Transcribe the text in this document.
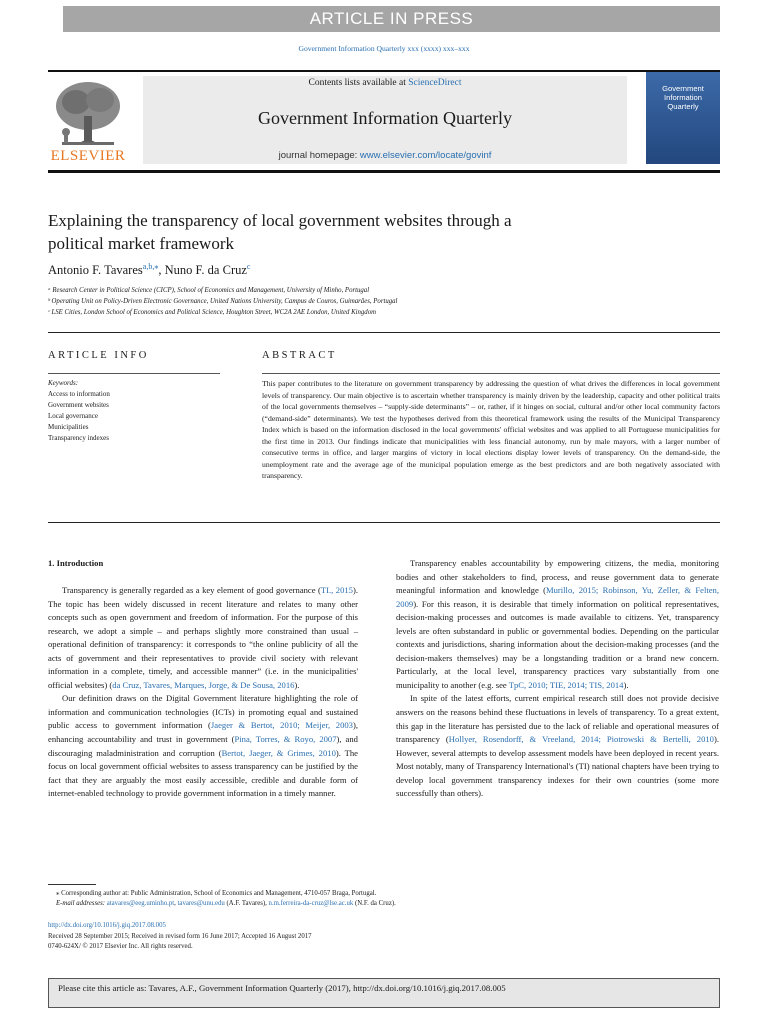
ARTICLE IN PRESS
Government Information Quarterly xxx (xxxx) xxx–xxx
ELSEVIER
Contents lists available at ScienceDirect
Government Information Quarterly
journal homepage: www.elsevier.com/locate/govinf
Government
Information
Quarterly
Explaining the transparency of local government websites through a
political market framework
Antonio F. Tavares$^{a,b,⁎}$, Nuno F. da Cruz$^c$
ᵃ Research Center in Political Science (CICP), School of Economics and Management, University of Minho, Portugal
ᵇ Operating Unit on Policy-Driven Electronic Governance, United Nations University, Campus de Couros, Guimarães, Portugal
ᶜ LSE Cities, London School of Economics and Political Science, Houghton Street, WC2A 2AE London, United Kingdom
ARTICLE INFO	ABSTRACT
Keywords:
Access to information
Government websites
Local governance
Municipalities
Transparency indexes
This paper contributes to the literature on government transparency by addressing the question of what drives the differences in local government levels of transparency. Our main objective is to ascertain whether transparency is mainly driven by the leadership, capacity and other political traits of the local governments themselves – “supply-side determinants” – or, rather, if it hinges on social, cultural and/or other local community factors (“demand-side” determinants). We test the hypotheses derived from this theoretical framework using the results of the Municipal Transparency Index which is based on the information disclosed in the local governments' official websites and was applied to all Portuguese municipalities for the first time in 2013. Our findings indicate that municipalities with less financial autonomy, run by male mayors, with a larger number of consecutive terms in office, and larger margins of victory in local elections display lower levels of transparency. On the demand-side, the unemployment rate and the average age of the municipal population emerge as the best predictors and are both negatively associated with transparency.
1. Introduction

Transparency is generally regarded as a key element of good governance (TI., 2015). The topic has been widely discussed in recent literature and relates to many other concepts such as open government and freedom of information. For the purpose of this research, we adopt a simple – and perhaps slightly more constrained than usual – operational definition of transparency: it corresponds to “the online publicity of all the acts of government and their representatives to provide civil society with relevant information in a complete, timely, and accessible manner” (i.e. in the municipalities' official websites) (da Cruz, Tavares, Marques, Jorge, & De Sousa, 2016).

Our definition draws on the Digital Government literature highlighting the role of information and communication technologies (ICTs) in promoting equal and sustained public access to government information (Jaeger & Bertot, 2010; Meijer, 2003), enhancing accountability and trust in government (Pina, Torres, & Royo, 2007), and discouraging maladministration and corruption (Bertot, Jaeger, & Grimes, 2010). The focus on local government official websites to assess transparency can be justified by the fact that they are arguably the most easily accessible, credible and durable form of internet-enabled technology to provide government information in a timely manner.

Transparency enables accountability by empowering citizens, the media, monitoring bodies and other stakeholders to find, process, and reuse government data to generate meaningful information and knowledge (Murillo, 2015; Robinson, Yu, Zeller, & Felten, 2009). For this reason, it is desirable that timely information on political representatives, decision-making processes and outcomes is made available to citizens. Yet, transparency levels are often substandard in public or governmental bodies. Depending on the particular contexts and jurisdictions, sharing information about the decision-making processes (and the decision-makers themselves) may be a longstanding tradition or a brand new concern. Particularly, at the local level, transparency practices vary substantially from one municipality to another (e.g. see TpC, 2010; TIE, 2014; TIS, 2014).

In spite of the latest efforts, current empirical research still does not provide decisive answers on the reasons behind these fluctuations in levels of transparency. To a great extent, this gap in the literature has persisted due to the lack of reliable and operational measures of transparency (Hollyer, Rosendorff, & Vreeland, 2014; Piotrowski & Bertelli, 2010). However, several attempts to develop assessment models have been deployed in recent years. Most notably, many of Transparency International's (TI) national chapters have been trying to develop local government transparency indexes for their own countries (some more successfully than others).

⁎ Corresponding author at: Public Administration, School of Economics and Management, 4710-057 Braga, Portugal.
E-mail addresses: atavares@eeg.uminho.pt, tavares@unu.edu (A.F. Tavares), n.m.ferreira-da-cruz@lse.ac.uk (N.F. da Cruz).
http://dx.doi.org/10.1016/j.giq.2017.08.005
Received 28 September 2015; Received in revised form 16 June 2017; Accepted 16 August 2017
0740-624X/ © 2017 Elsevier Inc. All rights reserved.
Please cite this article as: Tavares, A.F., Government Information Quarterly (2017), http://dx.doi.org/10.1016/j.giq.2017.08.005
